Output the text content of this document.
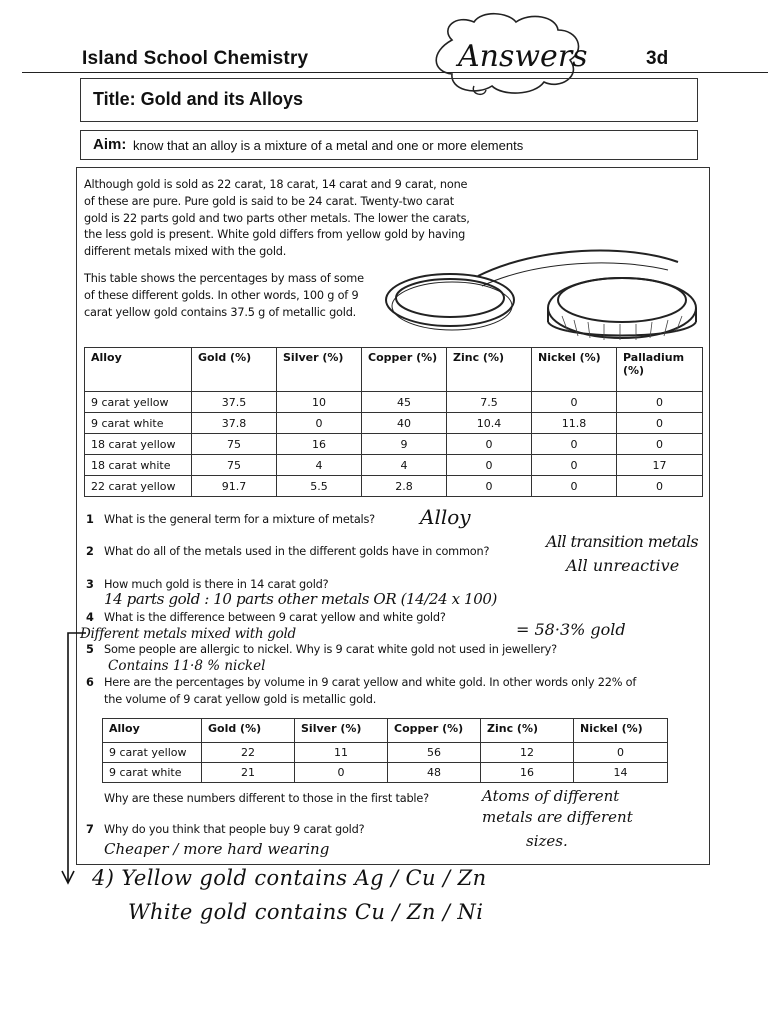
Island School Chemistry	3d
Answers
Title: Gold and its Alloys
Aim: know that an alloy is a mixture of a metal and one or more elements
Although gold is sold as 22 carat, 18 carat, 14 carat and 9 carat, none of these are pure. Pure gold is said to be 24 carat. Twenty-two carat gold is 22 parts gold and two parts other metals. The lower the carats, the less gold is present. White gold differs from yellow gold by having different metals mixed with the gold.
This table shows the percentages by mass of some of these different golds. In other words, 100 g of 9 carat yellow gold contains 37.5 g of metallic gold.
Alloy	Gold (%)	Silver (%)	Copper (%)	Zinc (%)	Nickel (%)	Palladium (%)
9 carat yellow	37.5	10	45	7.5	0	0
9 carat white	37.8	0	40	10.4	11.8	0
18 carat yellow	75	16	9	0	0	0
18 carat white	75	4	4	0	0	17
22 carat yellow	91.7	5.5	2.8	0	0	0
1 What is the general term for a mixture of metals?
2 What do all of the metals used in the different golds have in common?
3 How much gold is there in 14 carat gold?
4 What is the difference between 9 carat yellow and white gold?
5 Some people are allergic to nickel. Why is 9 carat white gold not used in jewellery?
6 Here are the percentages by volume in 9 carat yellow and white gold. In other words only 22% of
the volume of 9 carat yellow gold is metallic gold.
Alloy	Gold (%)	Silver (%)	Copper (%)	Zinc (%)	Nickel (%)
9 carat yellow	22	11	56	12	0
9 carat white	21	0	48	16	14
Why are these numbers different to those in the first table?
7 Why do you think that people buy 9 carat gold?
Alloy
All transition metals
All unreactive
14 parts gold : 10 parts other metals OR (14/24 x 100)
= 58·3% gold
Different metals mixed with gold
Contains 11·8 % nickel
Atoms of different
metals are different
sizes.
Cheaper / more hard wearing
4) Yellow gold contains Ag / Cu / Zn
White gold contains Cu / Zn / Ni
